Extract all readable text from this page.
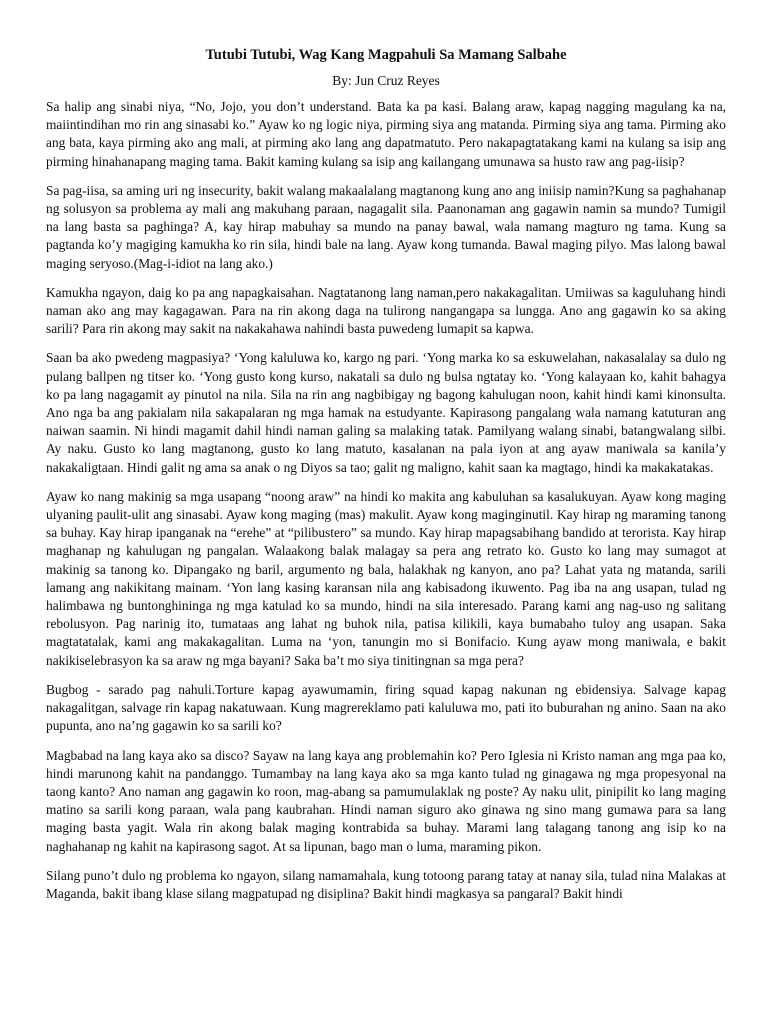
Tutubi Tutubi, Wag Kang Magpahuli Sa Mamang Salbahe
By: Jun Cruz Reyes

Sa halip ang sinabi niya, “No, Jojo, you don’t understand. Bata ka pa kasi. Balang araw, kapag nagging magulang ka na, maiintindihan mo rin ang sinasabi ko.” Ayaw ko ng logic niya, pirming siya ang matanda. Pirming siya ang tama. Pirming ako ang bata, kaya pirming ako ang mali, at pirming ako lang ang dapatmatuto. Pero nakapagtatakang kami na kulang sa isip ang pirming hinahanapang maging tama. Bakit kaming kulang sa isip ang kailangang umunawa sa husto raw ang pag-iisip?

Sa pag-iisa, sa aming uri ng insecurity, bakit walang makaalalang magtanong kung ano ang iniisip namin?Kung sa paghahanap ng solusyon sa problema ay mali ang makuhang paraan, nagagalit sila. Paanonaman ang gagawin namin sa mundo? Tumigil na lang basta sa paghinga? A, kay hirap mabuhay sa mundo na panay bawal, wala namang magturo ng tama. Kung sa pagtanda ko’y magiging kamukha ko rin sila, hindi bale na lang. Ayaw kong tumanda. Bawal maging pilyo. Mas lalong bawal maging seryoso.(Mag-i-idiot na lang ako.)

Kamukha ngayon, daig ko pa ang napagkaisahan. Nagtatanong lang naman,pero nakakagalitan. Umiiwas sa kaguluhang hindi naman ako ang may kagagawan. Para na rin akong daga na tulirong nangangapa sa lungga. Ano ang gagawin ko sa aking sarili? Para rin akong may sakit na nakakahawa nahindi basta puwedeng lumapit sa kapwa.

Saan ba ako pwedeng magpasiya? ‘Yong kaluluwa ko, kargo ng pari. ‘Yong marka ko sa eskuwelahan, nakasalalay sa dulo ng pulang ballpen ng titser ko. ‘Yong gusto kong kurso, nakatali sa dulo ng bulsa ngtatay ko. ‘Yong kalayaan ko, kahit bahagya ko pa lang nagagamit ay pinutol na nila. Sila na rin ang nagbibigay ng bagong kahulugan noon, kahit hindi kami kinonsulta. Ano nga ba ang pakialam nila sakapalaran ng mga hamak na estudyante. Kapirasong pangalang wala namang katuturan ang naiwan saamin. Ni hindi magamit dahil hindi naman galing sa malaking tatak. Pamilyang walang sinabi, batangwalang silbi. Ay naku. Gusto ko lang magtanong, gusto ko lang matuto, kasalanan na pala iyon at ang ayaw maniwala sa kanila’y nakakaligtaan. Hindi galit ng ama sa anak o ng Diyos sa tao; galit ng maligno, kahit saan ka magtago, hindi ka makakatakas.

Ayaw ko nang makinig sa mga usapang “noong araw” na hindi ko makita ang kabuluhan sa kasalukuyan. Ayaw kong maging ulyaning paulit-ulit ang sinasabi. Ayaw kong maging (mas) makulit. Ayaw kong maginginutil. Kay hirap ng maraming tanong sa buhay. Kay hirap ipanganak na “erehe” at “pilibustero” sa mundo. Kay hirap mapagsabihang bandido at terorista. Kay hirap maghanap ng kahulugan ng pangalan. Walaakong balak malagay sa pera ang retrato ko. Gusto ko lang may sumagot at makinig sa tanong ko. Dipangako ng baril, argumento ng bala, halakhak ng kanyon, ano pa? Lahat yata ng matanda, sarili lamang ang nakikitang mainam. ‘Yon lang kasing karansan nila ang kabisadong ikuwento. Pag iba na ang usapan, tulad ng halimbawa ng buntonghininga ng mga katulad ko sa mundo, hindi na sila interesado. Parang kami ang nag-uso ng salitang rebolusyon. Pag narinig ito, tumataas ang lahat ng buhok nila, patisa kilikili, kaya bumabaho tuloy ang usapan. Saka magtatatalak, kami ang makakagalitan. Luma na ‘yon, tanungin mo si Bonifacio. Kung ayaw mong maniwala, e bakit nakikiselebrasyon ka sa araw ng mga bayani? Saka ba’t mo siya tinitingnan sa mga pera?

Bugbog - sarado pag nahuli.Torture kapag ayawumamin, firing squad kapag nakunan ng ebidensiya. Salvage kapag nakagalitgan, salvage rin kapag nakatuwaan. Kung magrereklamo pati kaluluwa mo, pati ito buburahan ng anino. Saan na ako pupunta, ano na’ng gagawin ko sa sarili ko?

Magbabad na lang kaya ako sa disco? Sayaw na lang kaya ang problemahin ko? Pero Iglesia ni Kristo naman ang mga paa ko, hindi marunong kahit na pandanggo. Tumambay na lang kaya ako sa mga kanto tulad ng ginagawa ng mga propesyonal na taong kanto? Ano naman ang gagawin ko roon, mag-abang sa pamumulaklak ng poste? Ay naku ulit, pinipilit ko lang maging matino sa sarili kong paraan, wala pang kaubrahan. Hindi naman siguro ako ginawa ng sino mang gumawa para sa lang maging basta yagit. Wala rin akong balak maging kontrabida sa buhay. Marami lang talagang tanong ang isip ko na naghahanap ng kahit na kapirasong sagot. At sa lipunan, bago man o luma, maraming pikon.

Silang puno’t dulo ng problema ko ngayon, silang namamahala, kung totoong parang tatay at nanay sila, tulad nina Malakas at Maganda, bakit ibang klase silang magpatupad ng disiplina? Bakit hindi magkasya sa pangaral? Bakit hindi
